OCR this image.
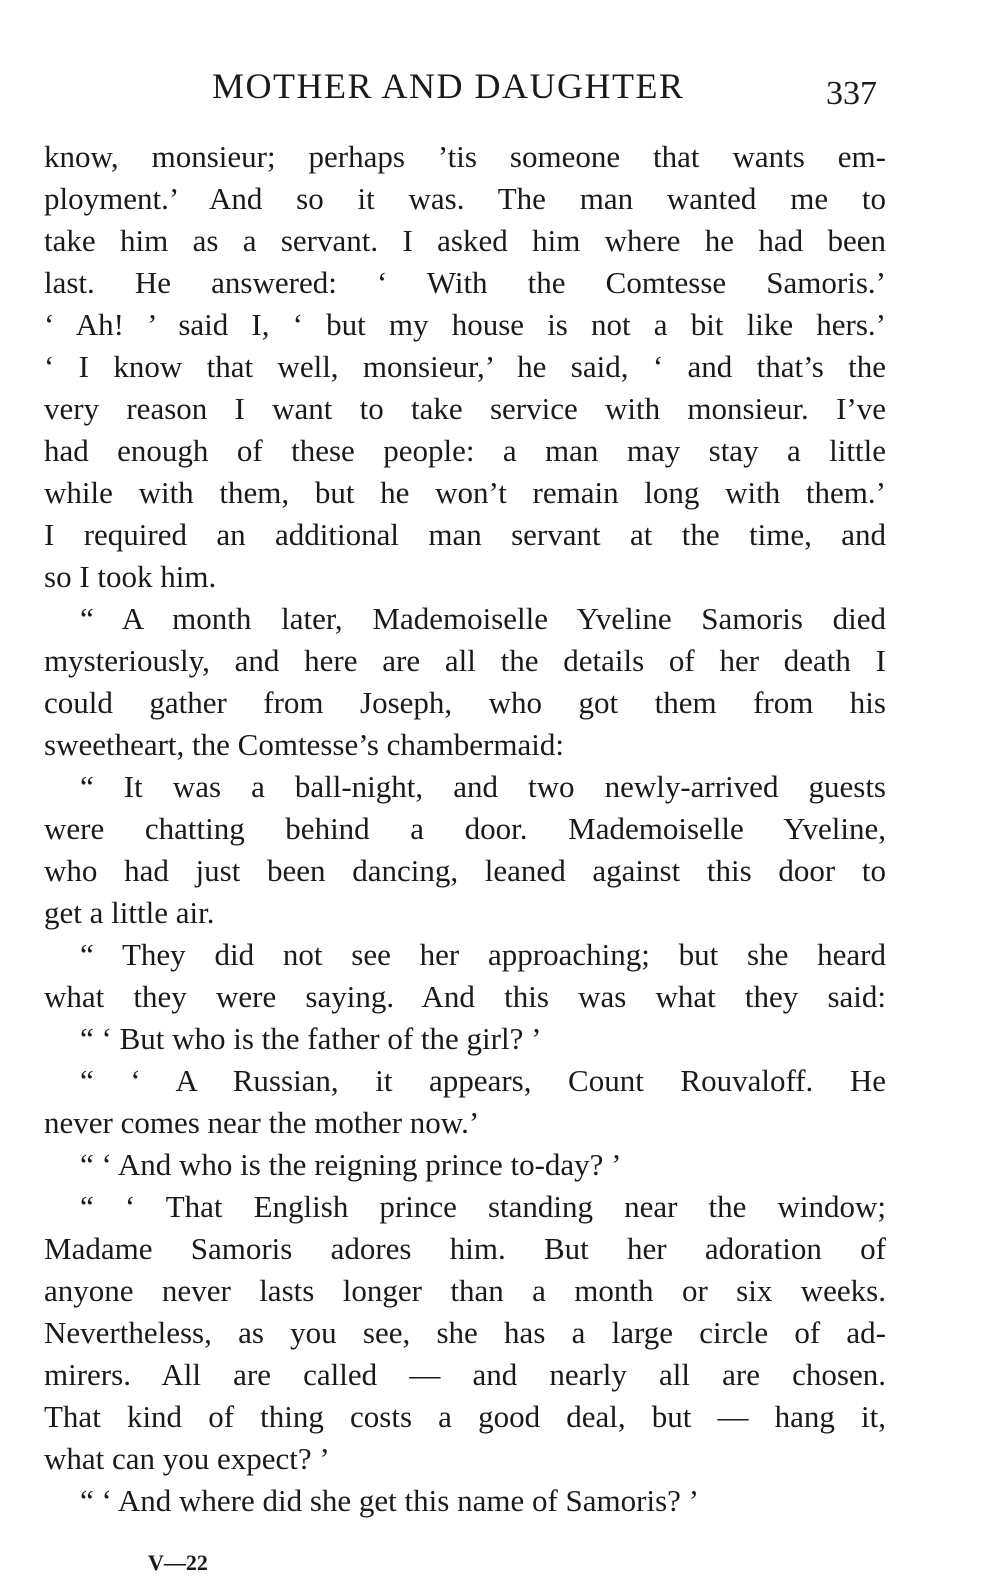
MOTHER AND DAUGHTER	337
know, monsieur; perhaps ’tis someone that wants em-
ployment.’ And so it was. The man wanted me to
take him as a servant. I asked him where he had been
last. He answered: ‘ With the Comtesse Samoris.’
‘ Ah! ’ said I, ‘ but my house is not a bit like hers.’
‘ I know that well, monsieur,’ he said, ‘ and that’s the
very reason I want to take service with monsieur. I’ve
had enough of these people: a man may stay a little
while with them, but he won’t remain long with them.’
I required an additional man servant at the time, and
so I took him.
“ A month later, Mademoiselle Yveline Samoris died
mysteriously, and here are all the details of her death I
could gather from Joseph, who got them from his
sweetheart, the Comtesse’s chambermaid:
“ It was a ball-night, and two newly-arrived guests
were chatting behind a door. Mademoiselle Yveline,
who had just been dancing, leaned against this door to
get a little air.
“ They did not see her approaching; but she heard
what they were saying. And this was what they said:
“ ‘ But who is the father of the girl? ’
“ ‘ A Russian, it appears, Count Rouvaloff. He
never comes near the mother now.’
“ ‘ And who is the reigning prince to-day? ’
“ ‘ That English prince standing near the window;
Madame Samoris adores him. But her adoration of
anyone never lasts longer than a month or six weeks.
Nevertheless, as you see, she has a large circle of ad-
mirers. All are called — and nearly all are chosen.
That kind of thing costs a good deal, but — hang it,
what can you expect? ’
“ ‘ And where did she get this name of Samoris? ’
V—22
